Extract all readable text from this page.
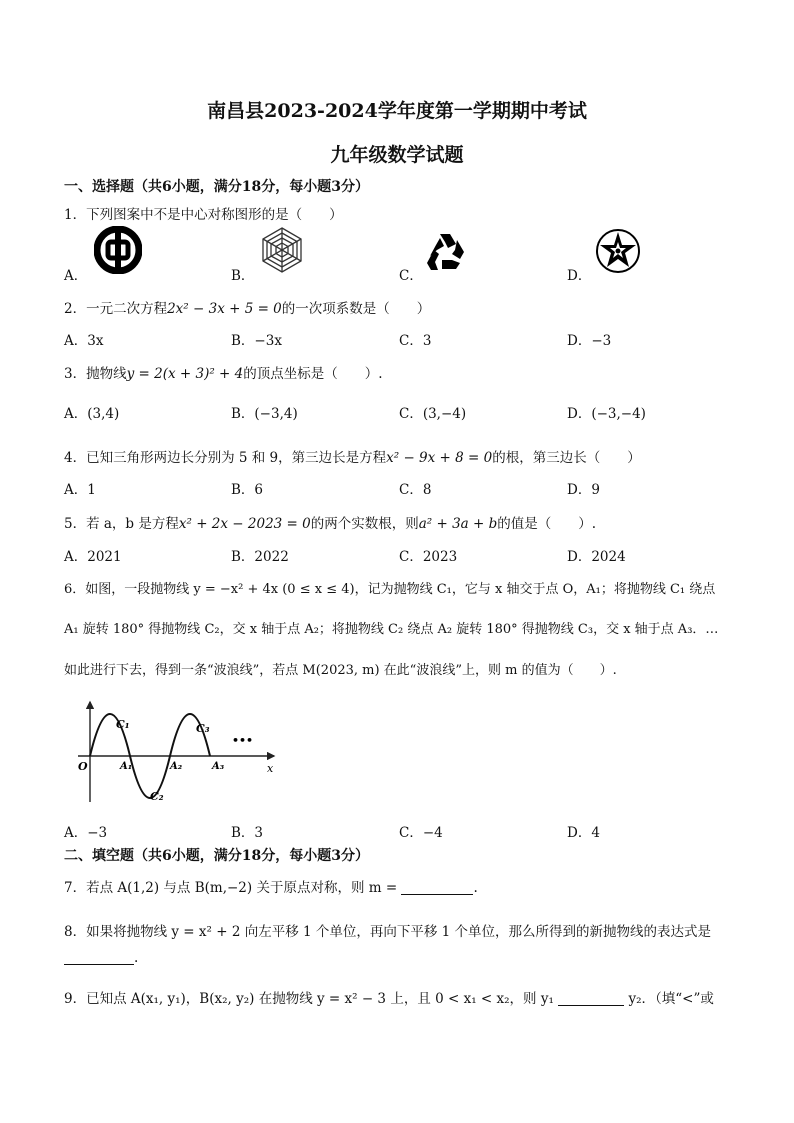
南昌县2023-2024学年度第一学期期中考试
九年级数学试题
一、选择题（共6小题，满分18分，每小题3分）
1．下列图案中不是中心对称图形的是（　　）
A．	B．	C．	D．
2．一元二次方程2x² − 3x + 5 = 0的一次项系数是（　　）
A．3x	B．−3x	C．3	D．−3
3．抛物线y = 2(x + 3)² + 4的顶点坐标是（　　）.
A．(3,4)	B．(−3,4)	C．(3,−4)	D．(−3,−4)
4．已知三角形两边长分别为 5 和 9，第三边长是方程x² − 9x + 8 = 0的根，第三边长（　　）
A．1	B．6	C．8	D．9
5．若 a，b 是方程x² + 2x − 2023 = 0的两个实数根，则a² + 3a + b的值是（　　）.
A．2021	B．2022	C．2023	D．2024
6．如图，一段抛物线 y = −x² + 4x (0 ≤ x ≤ 4)，记为抛物线 C₁，它与 x 轴交于点 O，A₁；将抛物线 C₁ 绕点
A₁ 旋转 180° 得抛物线 C₂，交 x 轴于点 A₂；将抛物线 C₂ 绕点 A₂ 旋转 180° 得抛物线 C₃，交 x 轴于点 A₃．…
如此进行下去，得到一条“波浪线”，若点 M(2023, m) 在此“波浪线”上，则 m 的值为（　　）.
O	x
C₁
C₂
C₃
A₁	A₂	A₃
•••
A．−3	B．3	C．−4	D．4
二、填空题（共6小题，满分18分，每小题3分）
7．若点 A(1,2) 与点 B(m,−2) 关于原点对称，则 m =	.
8．如果将抛物线 y = x² + 2 向左平移 1 个单位，再向下平移 1 个单位，那么所得到的新抛物线的表达式是
.
9．已知点 A(x₁, y₁)，B(x₂, y₂) 在抛物线 y = x² − 3 上，且 0 < x₁ < x₂，则 y₁	y₂．（填“<”或
